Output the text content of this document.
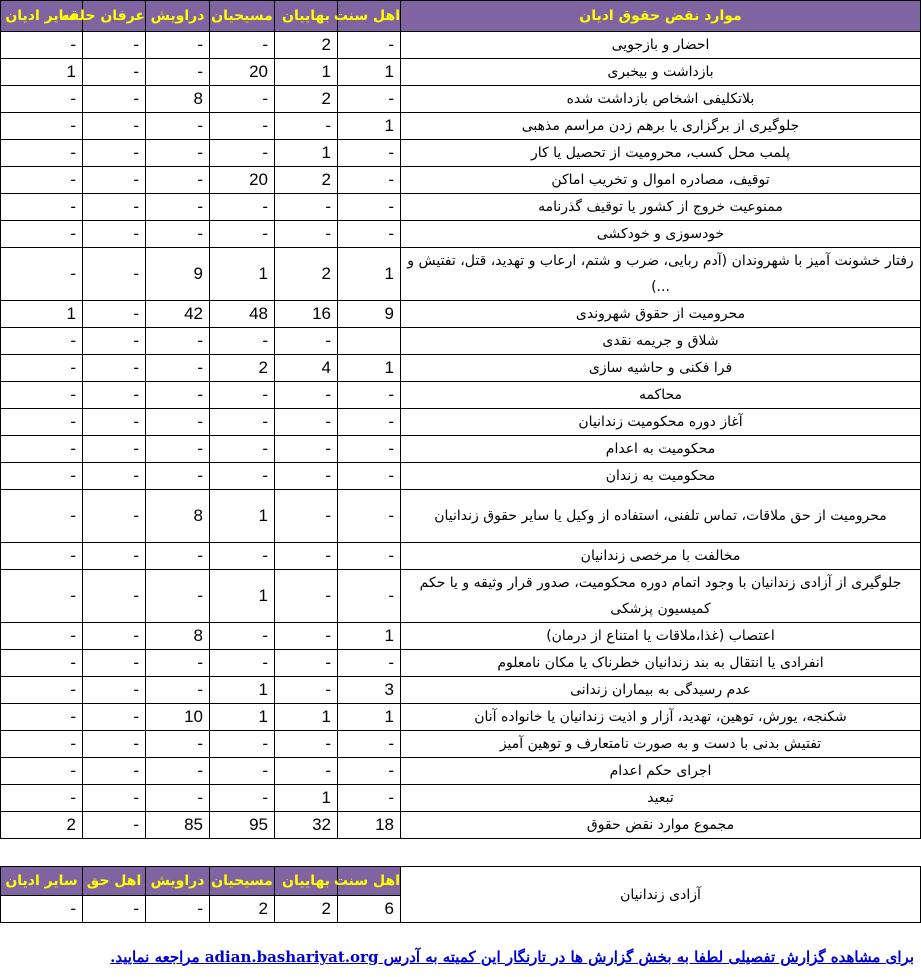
سایر ادیان	عرفان حلقه	دراویش	مسیحیان	بهاییان	اهل سنت	موارد نقض حقوق ادیان
-	-	-	-	2	-	احضار و بازجویی
1	-	-	20	1	1	بازداشت و بیخبری
-	-	8	-	2	-	بلاتکلیفی اشخاص بازداشت شده
-	-	-	-	-	1	جلوگیری از برگزاری یا برهم زدن مراسم مذهبی
-	-	-	-	1	-	پلمب محل کسب، محرومیت از تحصیل یا کار
-	-	-	20	2	-	توقیف، مصادره اموال و تخریب اماکن
-	-	-	-	-	-	ممنوعیت خروج از کشور یا توقیف گذرنامه
-	-	-	-	-	-	خودسوزی و خودکشی
-	-	9	1	2	1	رفتار خشونت آمیز با شهروندان (آدم ربایی، ضرب و شتم، ارعاب و تهدید، قتل، تفتیش و ...)
1	-	42	48	16	9	محرومیت از حقوق شهروندی
-	-	-	-	-		شلاق و جریمه نقدی
-	-	-	2	4	1	فرا فکنی و حاشیه سازی
-	-	-	-	-	-	محاکمه
-	-	-	-	-	-	آغاز دوره محکومیت زندانیان
-	-	-	-	-	-	محکومیت به اعدام
-	-	-	-	-	-	محکومیت به زندان
-	-	8	1	-	-	محرومیت از حق ملاقات، تماس تلفنی، استفاده از وکیل یا سایر حقوق زندانیان
-	-	-	-	-	-	مخالفت با مرخصی زندانیان
-	-	-	1	-	-	جلوگیری از آزادی زندانیان با وجود اتمام دوره محکومیت، صدور قرار وثیقه و یا حکم کمیسیون پزشکی
-	-	8	-	-	1	اعتصاب (غذا،ملاقات یا امتناع از درمان)
-	-	-	-	-	-	انفرادی یا انتقال به بند زندانیان خطرناک یا مکان نامعلوم
-	-	-	1	-	3	عدم رسیدگی به بیماران زندانی
-	-	10	1	1	1	شکنجه، یورش، توهین، تهدید، آزار و اذیت زندانیان یا خانواده آنان
-	-	-	-	-	-	تفتیش بدنی با دست و به صورت نامتعارف و توهین آمیز
-	-	-	-	-	-	اجرای حکم اعدام
-	-	-	-	1	-	تبعید
2	-	85	95	32	18	مجموع موارد نقض حقوق
سایر ادیان	اهل حق	دراویش	مسیحیان	بهاییان	اهل سنت	آزادی زندانیان
-	-	-	2	2	6	
برای مشاهده گزارش تفصیلی لطفا به بخش گزارش ها در تارنگار این کمیته به آدرس adian.bashariyat.org مراجعه نمایید.
